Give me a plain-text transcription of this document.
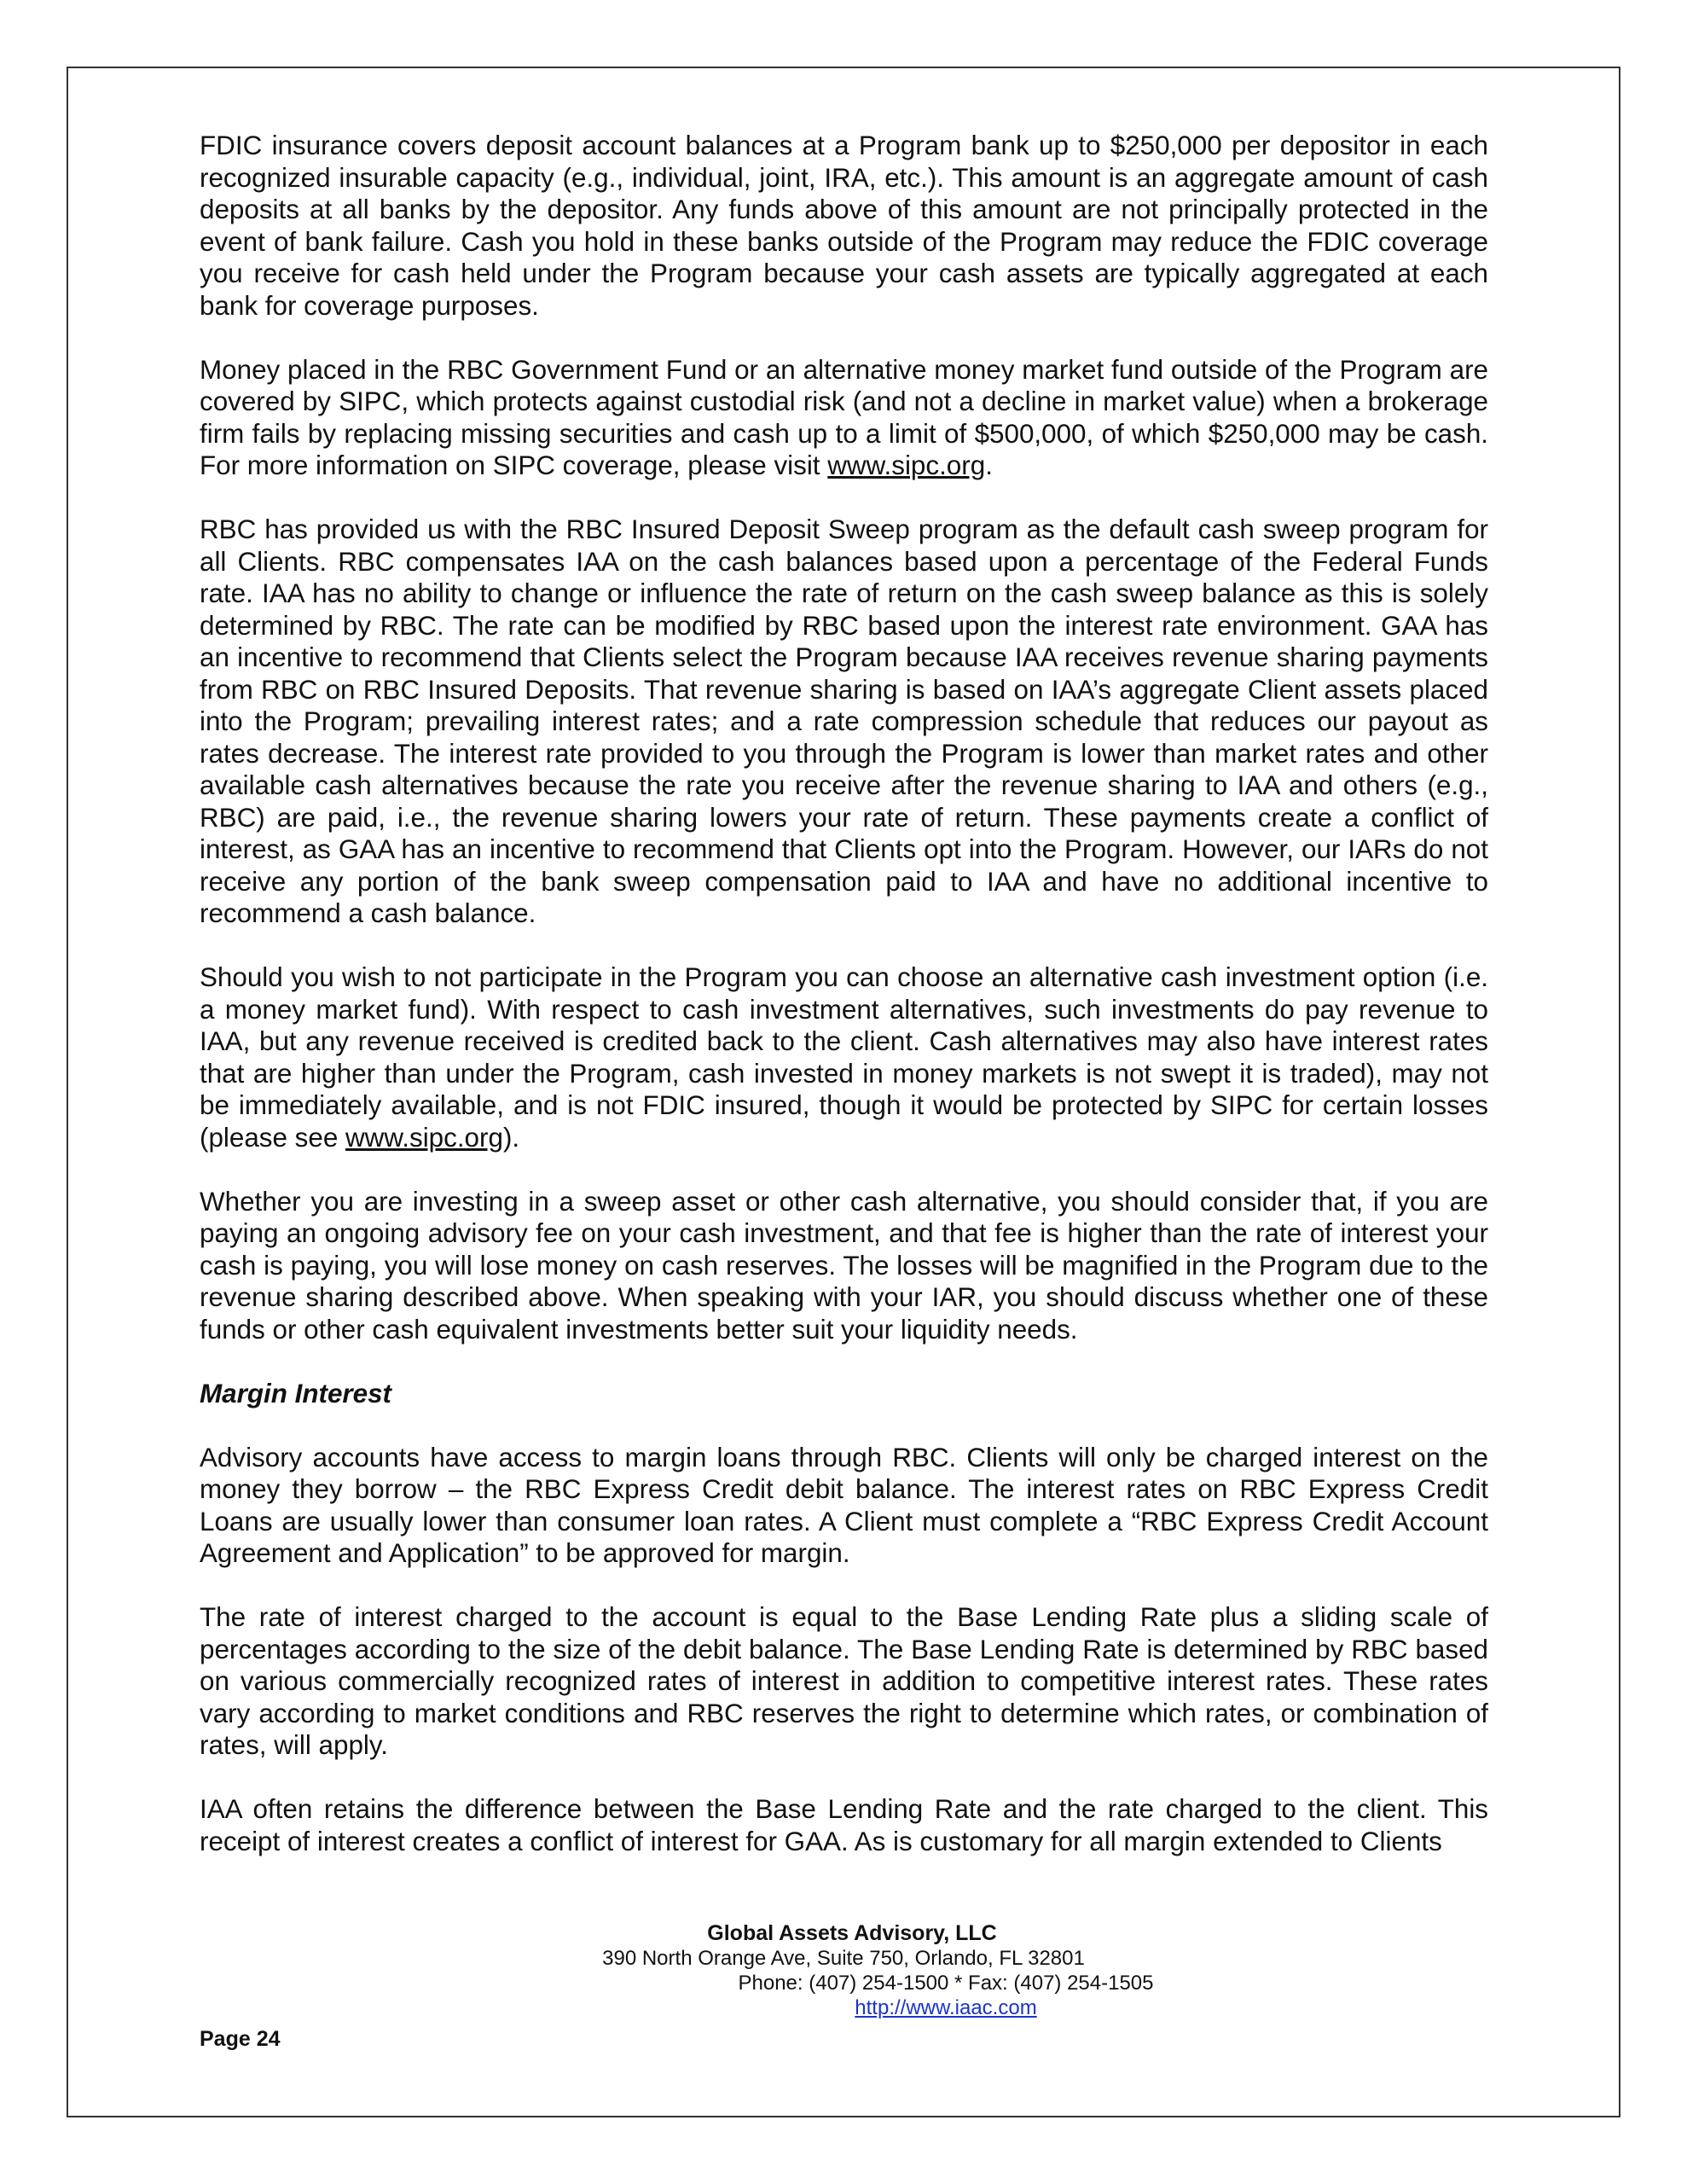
FDIC insurance covers deposit account balances at a Program bank up to $250,000 per depositor in each recognized insurable capacity (e.g., individual, joint, IRA, etc.). This amount is an aggregate amount of cash deposits at all banks by the depositor. Any funds above of this amount are not principally protected in the event of bank failure. Cash you hold in these banks outside of the Program may reduce the FDIC coverage you receive for cash held under the Program because your cash assets are typically aggregated at each bank for coverage purposes.

Money placed in the RBC Government Fund or an alternative money market fund outside of the Program are covered by SIPC, which protects against custodial risk (and not a decline in market value) when a brokerage firm fails by replacing missing securities and cash up to a limit of $500,000, of which $250,000 may be cash. For more information on SIPC coverage, please visit www.sipc.org.

RBC has provided us with the RBC Insured Deposit Sweep program as the default cash sweep program for all Clients. RBC compensates IAA on the cash balances based upon a percentage of the Federal Funds rate. IAA has no ability to change or influence the rate of return on the cash sweep balance as this is solely determined by RBC. The rate can be modified by RBC based upon the interest rate environment. GAA has an incentive to recommend that Clients select the Program because IAA receives revenue sharing payments from RBC on RBC Insured Deposits. That revenue sharing is based on IAA’s aggregate Client assets placed into the Program; prevailing interest rates; and a rate compression schedule that reduces our payout as rates decrease. The interest rate provided to you through the Program is lower than market rates and other available cash alternatives because the rate you receive after the revenue sharing to IAA and others (e.g., RBC) are paid, i.e., the revenue sharing lowers your rate of return. These payments create a conflict of interest, as GAA has an incentive to recommend that Clients opt into the Program. However, our IARs do not receive any portion of the bank sweep compensation paid to IAA and have no additional incentive to recommend a cash balance.

Should you wish to not participate in the Program you can choose an alternative cash investment option (i.e. a money market fund). With respect to cash investment alternatives, such investments do pay revenue to IAA, but any revenue received is credited back to the client. Cash alternatives may also have interest rates that are higher than under the Program, cash invested in money markets is not swept it is traded), may not be immediately available, and is not FDIC insured, though it would be protected by SIPC for certain losses (please see www.sipc.org).

Whether you are investing in a sweep asset or other cash alternative, you should consider that, if you are paying an ongoing advisory fee on your cash investment, and that fee is higher than the rate of interest your cash is paying, you will lose money on cash reserves. The losses will be magnified in the Program due to the revenue sharing described above. When speaking with your IAR, you should discuss whether one of these funds or other cash equivalent investments better suit your liquidity needs.

Margin Interest

Advisory accounts have access to margin loans through RBC. Clients will only be charged interest on the money they borrow – the RBC Express Credit debit balance. The interest rates on RBC Express Credit Loans are usually lower than consumer loan rates. A Client must complete a “RBC Express Credit Account Agreement and Application” to be approved for margin.

The rate of interest charged to the account is equal to the Base Lending Rate plus a sliding scale of percentages according to the size of the debit balance. The Base Lending Rate is determined by RBC based on various commercially recognized rates of interest in addition to competitive interest rates. These rates vary according to market conditions and RBC reserves the right to determine which rates, or combination of rates, will apply.

IAA often retains the difference between the Base Lending Rate and the rate charged to the client. This receipt of interest creates a conflict of interest for GAA. As is customary for all margin extended to Clients

Global Assets Advisory, LLC
390 North Orange Ave, Suite 750, Orlando, FL 32801
Phone: (407) 254-1500 * Fax: (407) 254-1505
http://www.iaac.com
Page 24
